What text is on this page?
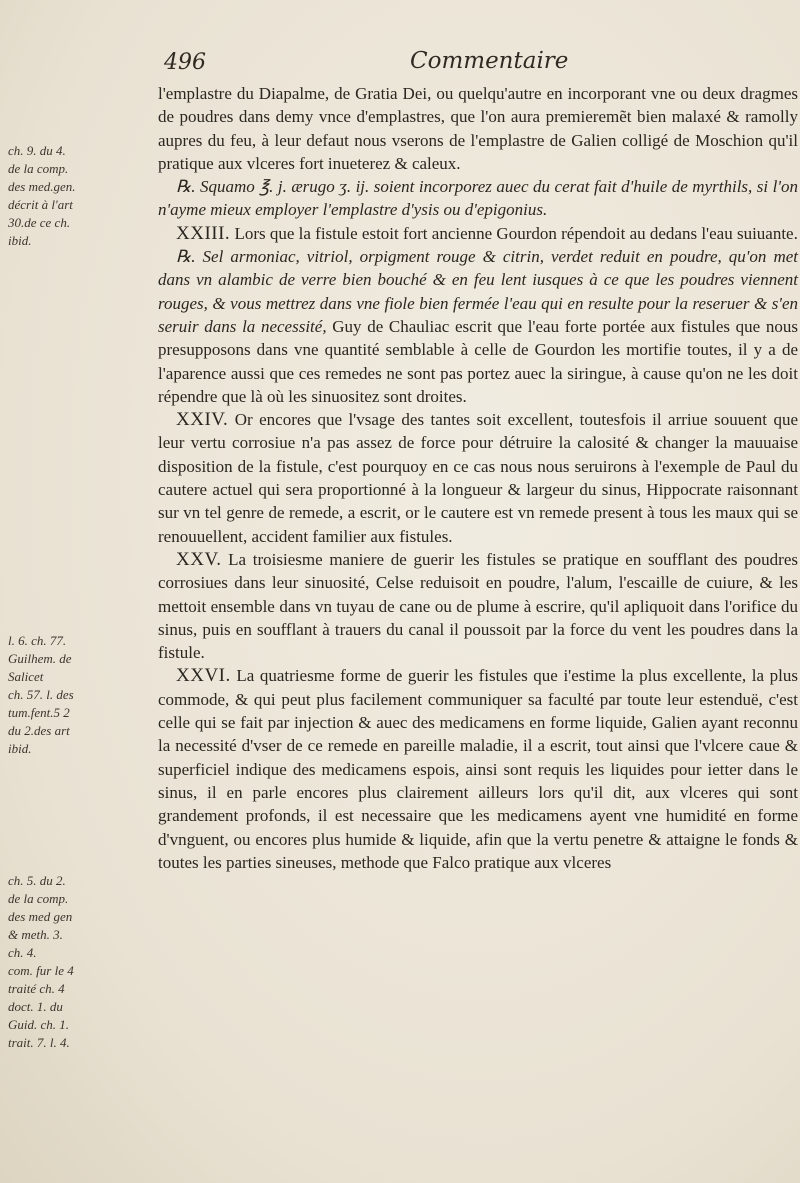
496	Commentaire
ch. 9. du 4.
de la comp.
des med.gen.
décrit à l'art
30.de ce ch.
ibid.
l. 6. ch. 77.
Guilhem. de
Salicet
ch. 57. l. des
tum.fent.5 2
du 2.des art
ibid.
ch. 5. du 2.
de la comp.
des med gen
& meth. 3.
ch. 4.
com. fur le 4
traité ch. 4
doct. 1. du
Guid. ch. 1.
trait. 7. l. 4.

l'emplastre du Diapalme, de Gratia Dei, ou quelqu'autre en incorporant vne ou deux dragmes de poudres dans demy vnce d'emplastres, que l'on aura premieremẽt bien malaxé & ramolly aupres du feu, à leur defaut nous vserons de l'emplastre de Galien colligé de Moschion qu'il pratique aux vlceres fort inueterez & caleux.

℞. Squamo ℥. j. ærugo ʒ. ij. soient incorporez auec du cerat fait d'huile de myrthils, si l'on n'ayme mieux employer l'emplastre d'ysis ou d'epigonius.

XXIII. Lors que la fistule estoit fort ancienne Gourdon répendoit au dedans l'eau suiuante.

℞. Sel armoniac, vitriol, orpigment rouge & citrin, verdet reduit en poudre, qu'on met dans vn alambic de verre bien bouché & en feu lent iusques à ce que les poudres viennent rouges, & vous mettrez dans vne fiole bien fermée l'eau qui en resulte pour la reseruer & s'en seruir dans la necessité, Guy de Chauliac escrit que l'eau forte portée aux fistules que nous presupposons dans vne quantité semblable à celle de Gourdon les mortifie toutes, il y a de l'aparence aussi que ces remedes ne sont pas portez auec la siringue, à cause qu'on ne les doit répendre que là où les sinuositez sont droites.

XXIV. Or encores que l'vsage des tantes soit excellent, toutesfois il arriue souuent que leur vertu corrosiue n'a pas assez de force pour détruire la calosité & changer la mauuaise disposition de la fistule, c'est pourquoy en ce cas nous nous seruirons à l'exemple de Paul du cautere actuel qui sera proportionné à la longueur & largeur du sinus, Hippocrate raisonnant sur vn tel genre de remede, a escrit, or le cautere est vn remede present à tous les maux qui se renouuellent, accident familier aux fistules.

XXV. La troisiesme maniere de guerir les fistules se pratique en soufflant des poudres corrosiues dans leur sinuosité, Celse reduisoit en poudre, l'alum, l'escaille de cuiure, & les mettoit ensemble dans vn tuyau de cane ou de plume à escrire, qu'il apliquoit dans l'orifice du sinus, puis en soufflant à trauers du canal il poussoit par la force du vent les poudres dans la fistule.

XXVI. La quatriesme forme de guerir les fistules que i'estime la plus excellente, la plus commode, & qui peut plus facilement communiquer sa faculté par toute leur estenduë, c'est celle qui se fait par injection & auec des medicamens en forme liquide, Galien ayant reconnu la necessité d'vser de ce remede en pareille maladie, il a escrit, tout ainsi que l'vlcere caue & superficiel indique des medicamens espois, ainsi sont requis les liquides pour ietter dans le sinus, il en parle encores plus clairement ailleurs lors qu'il dit, aux vlceres qui sont grandement profonds, il est necessaire que les medicamens ayent vne humidité en forme d'vnguent, ou encores plus humide & liquide, afin que la vertu penetre & attaigne le fonds & toutes les parties sineuses, methode que Falco pratique aux vlceres
